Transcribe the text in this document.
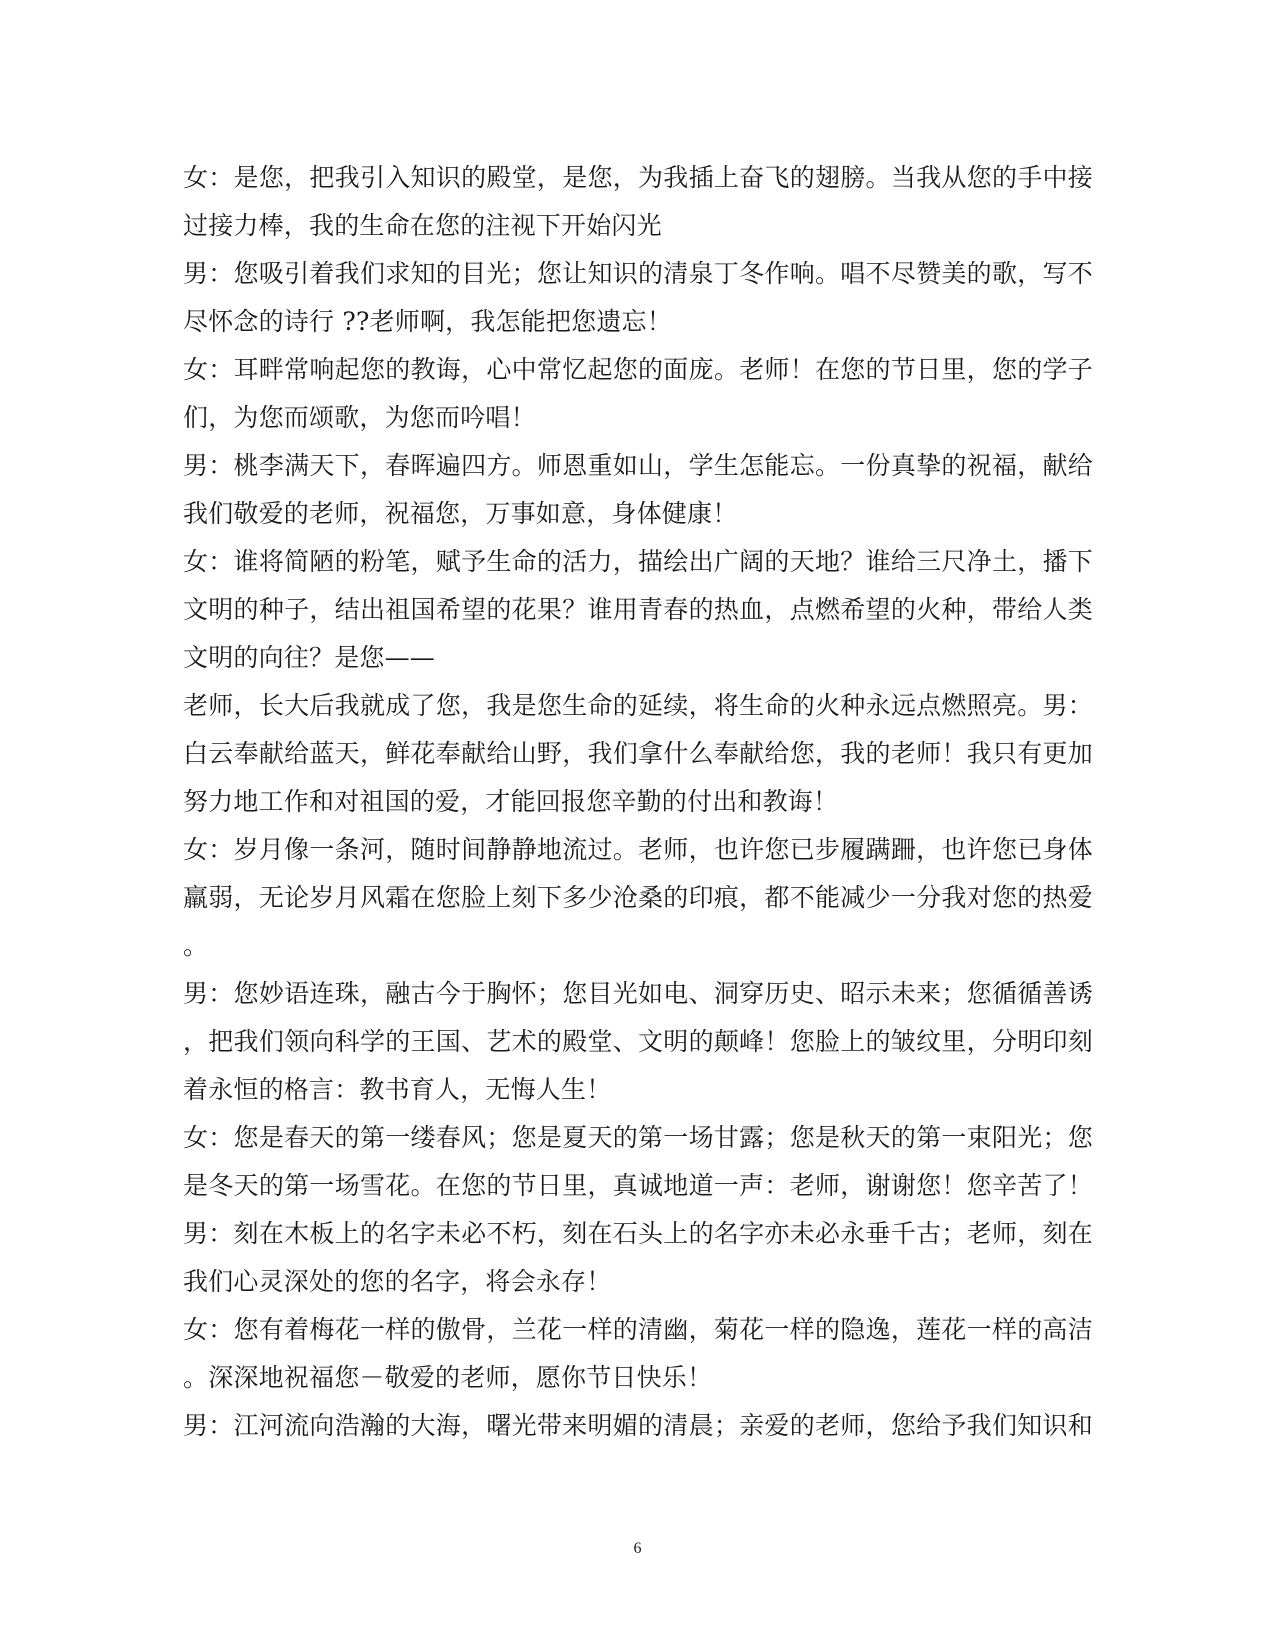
女：是您，把我引入知识的殿堂，是您，为我插上奋飞的翅膀。当我从您的手中接
过接力棒，我的生命在您的注视下开始闪光
男：您吸引着我们求知的目光；您让知识的清泉丁冬作响。唱不尽赞美的歌，写不
尽怀念的诗行 ??老师啊，我怎能把您遗忘！
女：耳畔常响起您的教诲，心中常忆起您的面庞。老师！在您的节日里，您的学子
们，为您而颂歌，为您而吟唱！
男：桃李满天下，春晖遍四方。师恩重如山，学生怎能忘。一份真挚的祝福，献给
我们敬爱的老师，祝福您，万事如意，身体健康！
女：谁将简陋的粉笔，赋予生命的活力，描绘出广阔的天地？谁给三尺净土，播下
文明的种子，结出祖国希望的花果？谁用青春的热血，点燃希望的火种，带给人类
文明的向往？是您——
老师，长大后我就成了您，我是您生命的延续，将生命的火种永远点燃照亮。男：
白云奉献给蓝天，鲜花奉献给山野，我们拿什么奉献给您，我的老师！我只有更加
努力地工作和对祖国的爱，才能回报您辛勤的付出和教诲！
女：岁月像一条河，随时间静静地流过。老师，也许您已步履蹒跚，也许您已身体
羸弱，无论岁月风霜在您脸上刻下多少沧桑的印痕，都不能减少一分我对您的热爱
。
男：您妙语连珠，融古今于胸怀；您目光如电、洞穿历史、昭示未来；您循循善诱
，把我们领向科学的王国、艺术的殿堂、文明的颠峰！您脸上的皱纹里，分明印刻
着永恒的格言：教书育人，无悔人生！
女：您是春天的第一缕春风；您是夏天的第一场甘露；您是秋天的第一束阳光；您
是冬天的第一场雪花。在您的节日里，真诚地道一声：老师，谢谢您！您辛苦了！
男：刻在木板上的名字未必不朽，刻在石头上的名字亦未必永垂千古；老师，刻在
我们心灵深处的您的名字，将会永存！
女：您有着梅花一样的傲骨，兰花一样的清幽，菊花一样的隐逸，莲花一样的高洁
。深深地祝福您－敬爱的老师，愿你节日快乐！
男：江河流向浩瀚的大海，曙光带来明媚的清晨；亲爱的老师，您给予我们知识和
6
